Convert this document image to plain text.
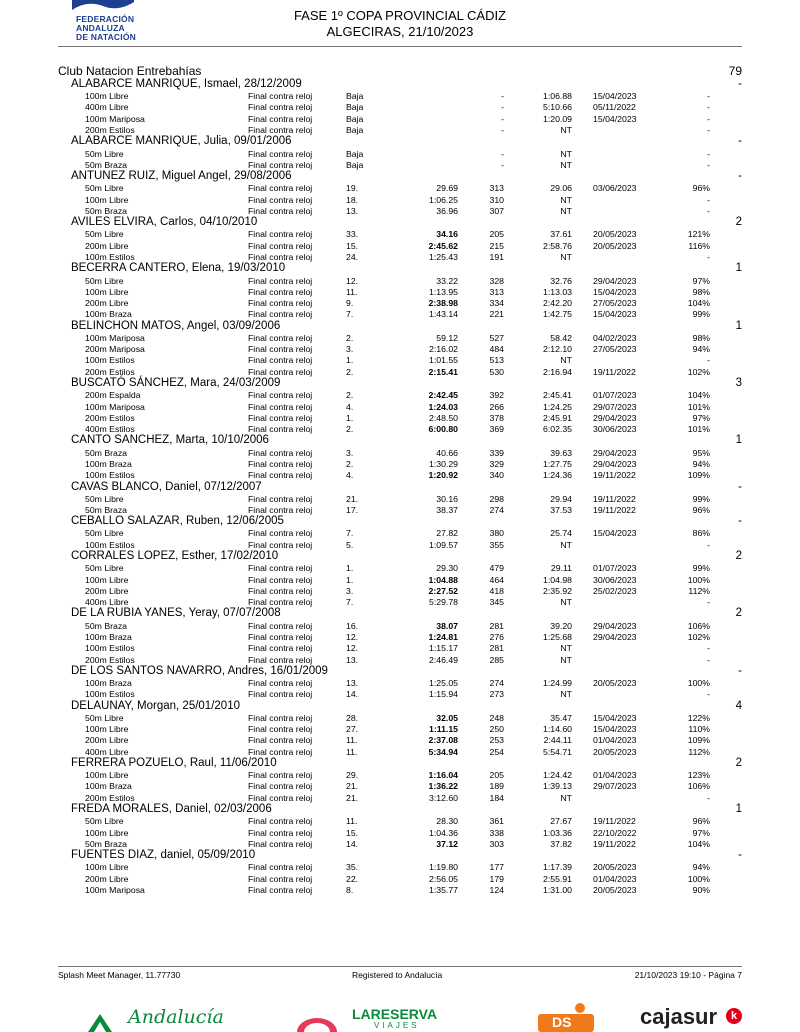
FEDERACIÓN
ANDALUZA
DE NATACIÓN
FASE 1º COPA PROVINCIAL CÁDIZ
ALGECIRAS, 21/10/2023
Club Natacion Entrebahías	79
ALABARCE MANRIQUE, Ismael, 28/12/2009	-
100m Libre	Final contra reloj	Baja	-	1:06.88 15/04/2023	-
400m Libre	Final contra reloj	Baja	-	5:10.66 05/11/2022	-
100m Mariposa	Final contra reloj	Baja	-	1:20.09 15/04/2023	-
200m Estilos	Final contra reloj	Baja	-	NT	-
ALABARCE MANRIQUE, Julia, 09/01/2006	-
50m Libre	Final contra reloj	Baja	-	NT	-
50m Braza	Final contra reloj	Baja	-	NT	-
ANTUNEZ RUIZ, Miguel Angel, 29/08/2006	-
50m Libre	Final contra reloj	19.	29.69	313	29.06 03/06/2023	96%
100m Libre	Final contra reloj	18.	1:06.25	310	NT	-
50m Braza	Final contra reloj	13.	36.96	307	NT	-
AVILES ELVIRA, Carlos, 04/10/2010	2
50m Libre	Final contra reloj	33.	34.16	205	37.61 20/05/2023	121%
200m Libre	Final contra reloj	15.	2:45.62	215	2:58.76 20/05/2023	116%
100m Estilos	Final contra reloj	24.	1:25.43	191	NT	-
BECERRA CANTERO, Elena, 19/03/2010	1
50m Libre	Final contra reloj	12.	33.22	328	32.76 29/04/2023	97%
100m Libre	Final contra reloj	11.	1:13.95	313	1:13.03 15/04/2023	98%
200m Libre	Final contra reloj	9.	2:38.98	334	2:42.20 27/05/2023	104%
100m Braza	Final contra reloj	7.	1:43.14	221	1:42.75 15/04/2023	99%
BELINCHON MATOS, Angel, 03/09/2006	1
100m Mariposa	Final contra reloj	2.	59.12	527	58.42 04/02/2023	98%
200m Mariposa	Final contra reloj	3.	2:16.02	484	2:12.10 27/05/2023	94%
100m Estilos	Final contra reloj	1.	1:01.55	513	NT	-
200m Estilos	Final contra reloj	2.	2:15.41	530	2:16.94 19/11/2022	102%
BUSCATÓ SÁNCHEZ, Mara, 24/03/2009	3
200m Espalda	Final contra reloj	2.	2:42.45	392	2:45.41 01/07/2023	104%
100m Mariposa	Final contra reloj	4.	1:24.03	266	1:24.25 29/07/2023	101%
200m Estilos	Final contra reloj	1.	2:48.50	378	2:45.91 29/04/2023	97%
400m Estilos	Final contra reloj	2.	6:00.80	369	6:02.35 30/06/2023	101%
CANTO SANCHEZ, Marta, 10/10/2006	1
50m Braza	Final contra reloj	3.	40.66	339	39.63 29/04/2023	95%
100m Braza	Final contra reloj	2.	1:30.29	329	1:27.75 29/04/2023	94%
100m Estilos	Final contra reloj	4.	1:20.92	340	1:24.36 19/11/2022	109%
CAVAS BLANCO, Daniel, 07/12/2007	-
50m Libre	Final contra reloj	21.	30.16	298	29.94 19/11/2022	99%
50m Braza	Final contra reloj	17.	38.37	274	37.53 19/11/2022	96%
CEBALLO SALAZAR, Ruben, 12/06/2005	-
50m Libre	Final contra reloj	7.	27.82	380	25.74 15/04/2023	86%
100m Estilos	Final contra reloj	5.	1:09.57	355	NT	-
CORRALES LOPEZ, Esther, 17/02/2010	2
50m Libre	Final contra reloj	1.	29.30	479	29.11 01/07/2023	99%
100m Libre	Final contra reloj	1.	1:04.88	464	1:04.98 30/06/2023	100%
200m Libre	Final contra reloj	3.	2:27.52	418	2:35.92 25/02/2023	112%
400m Libre	Final contra reloj	7.	5:29.78	345	NT	-
DE LA RUBIA YANES, Yeray, 07/07/2008	2
50m Braza	Final contra reloj	16.	38.07	281	39.20 29/04/2023	106%
100m Braza	Final contra reloj	12.	1:24.81	276	1:25.68 29/04/2023	102%
100m Estilos	Final contra reloj	12.	1:15.17	281	NT	-
200m Estilos	Final contra reloj	13.	2:46.49	285	NT	-
DE LOS SANTOS NAVARRO, Andres, 16/01/2009	-
100m Braza	Final contra reloj	13.	1:25.05	274	1:24.99 20/05/2023	100%
100m Estilos	Final contra reloj	14.	1:15.94	273	NT	-
DELAUNAY, Morgan, 25/01/2010	4
50m Libre	Final contra reloj	28.	32.05	248	35.47 15/04/2023	122%
100m Libre	Final contra reloj	27.	1:11.15	250	1:14.60 15/04/2023	110%
200m Libre	Final contra reloj	11.	2:37.08	253	2:44.11 01/04/2023	109%
400m Libre	Final contra reloj	11.	5:34.94	254	5:54.71 20/05/2023	112%
FERRERA POZUELO, Raul, 11/06/2010	2
100m Libre	Final contra reloj	29.	1:16.04	205	1:24.42 01/04/2023	123%
100m Braza	Final contra reloj	21.	1:36.22	189	1:39.13 29/07/2023	106%
200m Estilos	Final contra reloj	21.	3:12.60	184	NT	-
FREDA MORALES, Daniel, 02/03/2006	1
50m Libre	Final contra reloj	11.	28.30	361	27.67 19/11/2022	96%
100m Libre	Final contra reloj	15.	1:04.36	338	1:03.36 22/10/2022	97%
50m Braza	Final contra reloj	14.	37.12	303	37.82 19/11/2022	104%
FUENTES DIAZ, daniel, 05/09/2010	-
100m Libre	Final contra reloj	35.	1:19.80	177	1:17.39 20/05/2023	94%
200m Libre	Final contra reloj	22.	2:56.05	179	2:55.91 01/04/2023	100%
100m Mariposa	Final contra reloj	8.	1:35.77	124	1:31.00 20/05/2023	90%
Splash Meet Manager, 11.77730	Registered to Andalucía	21/10/2023 19:10 - Página 7
Andalucía	LARESERVA
VIAJES	DS	cajasur	k
